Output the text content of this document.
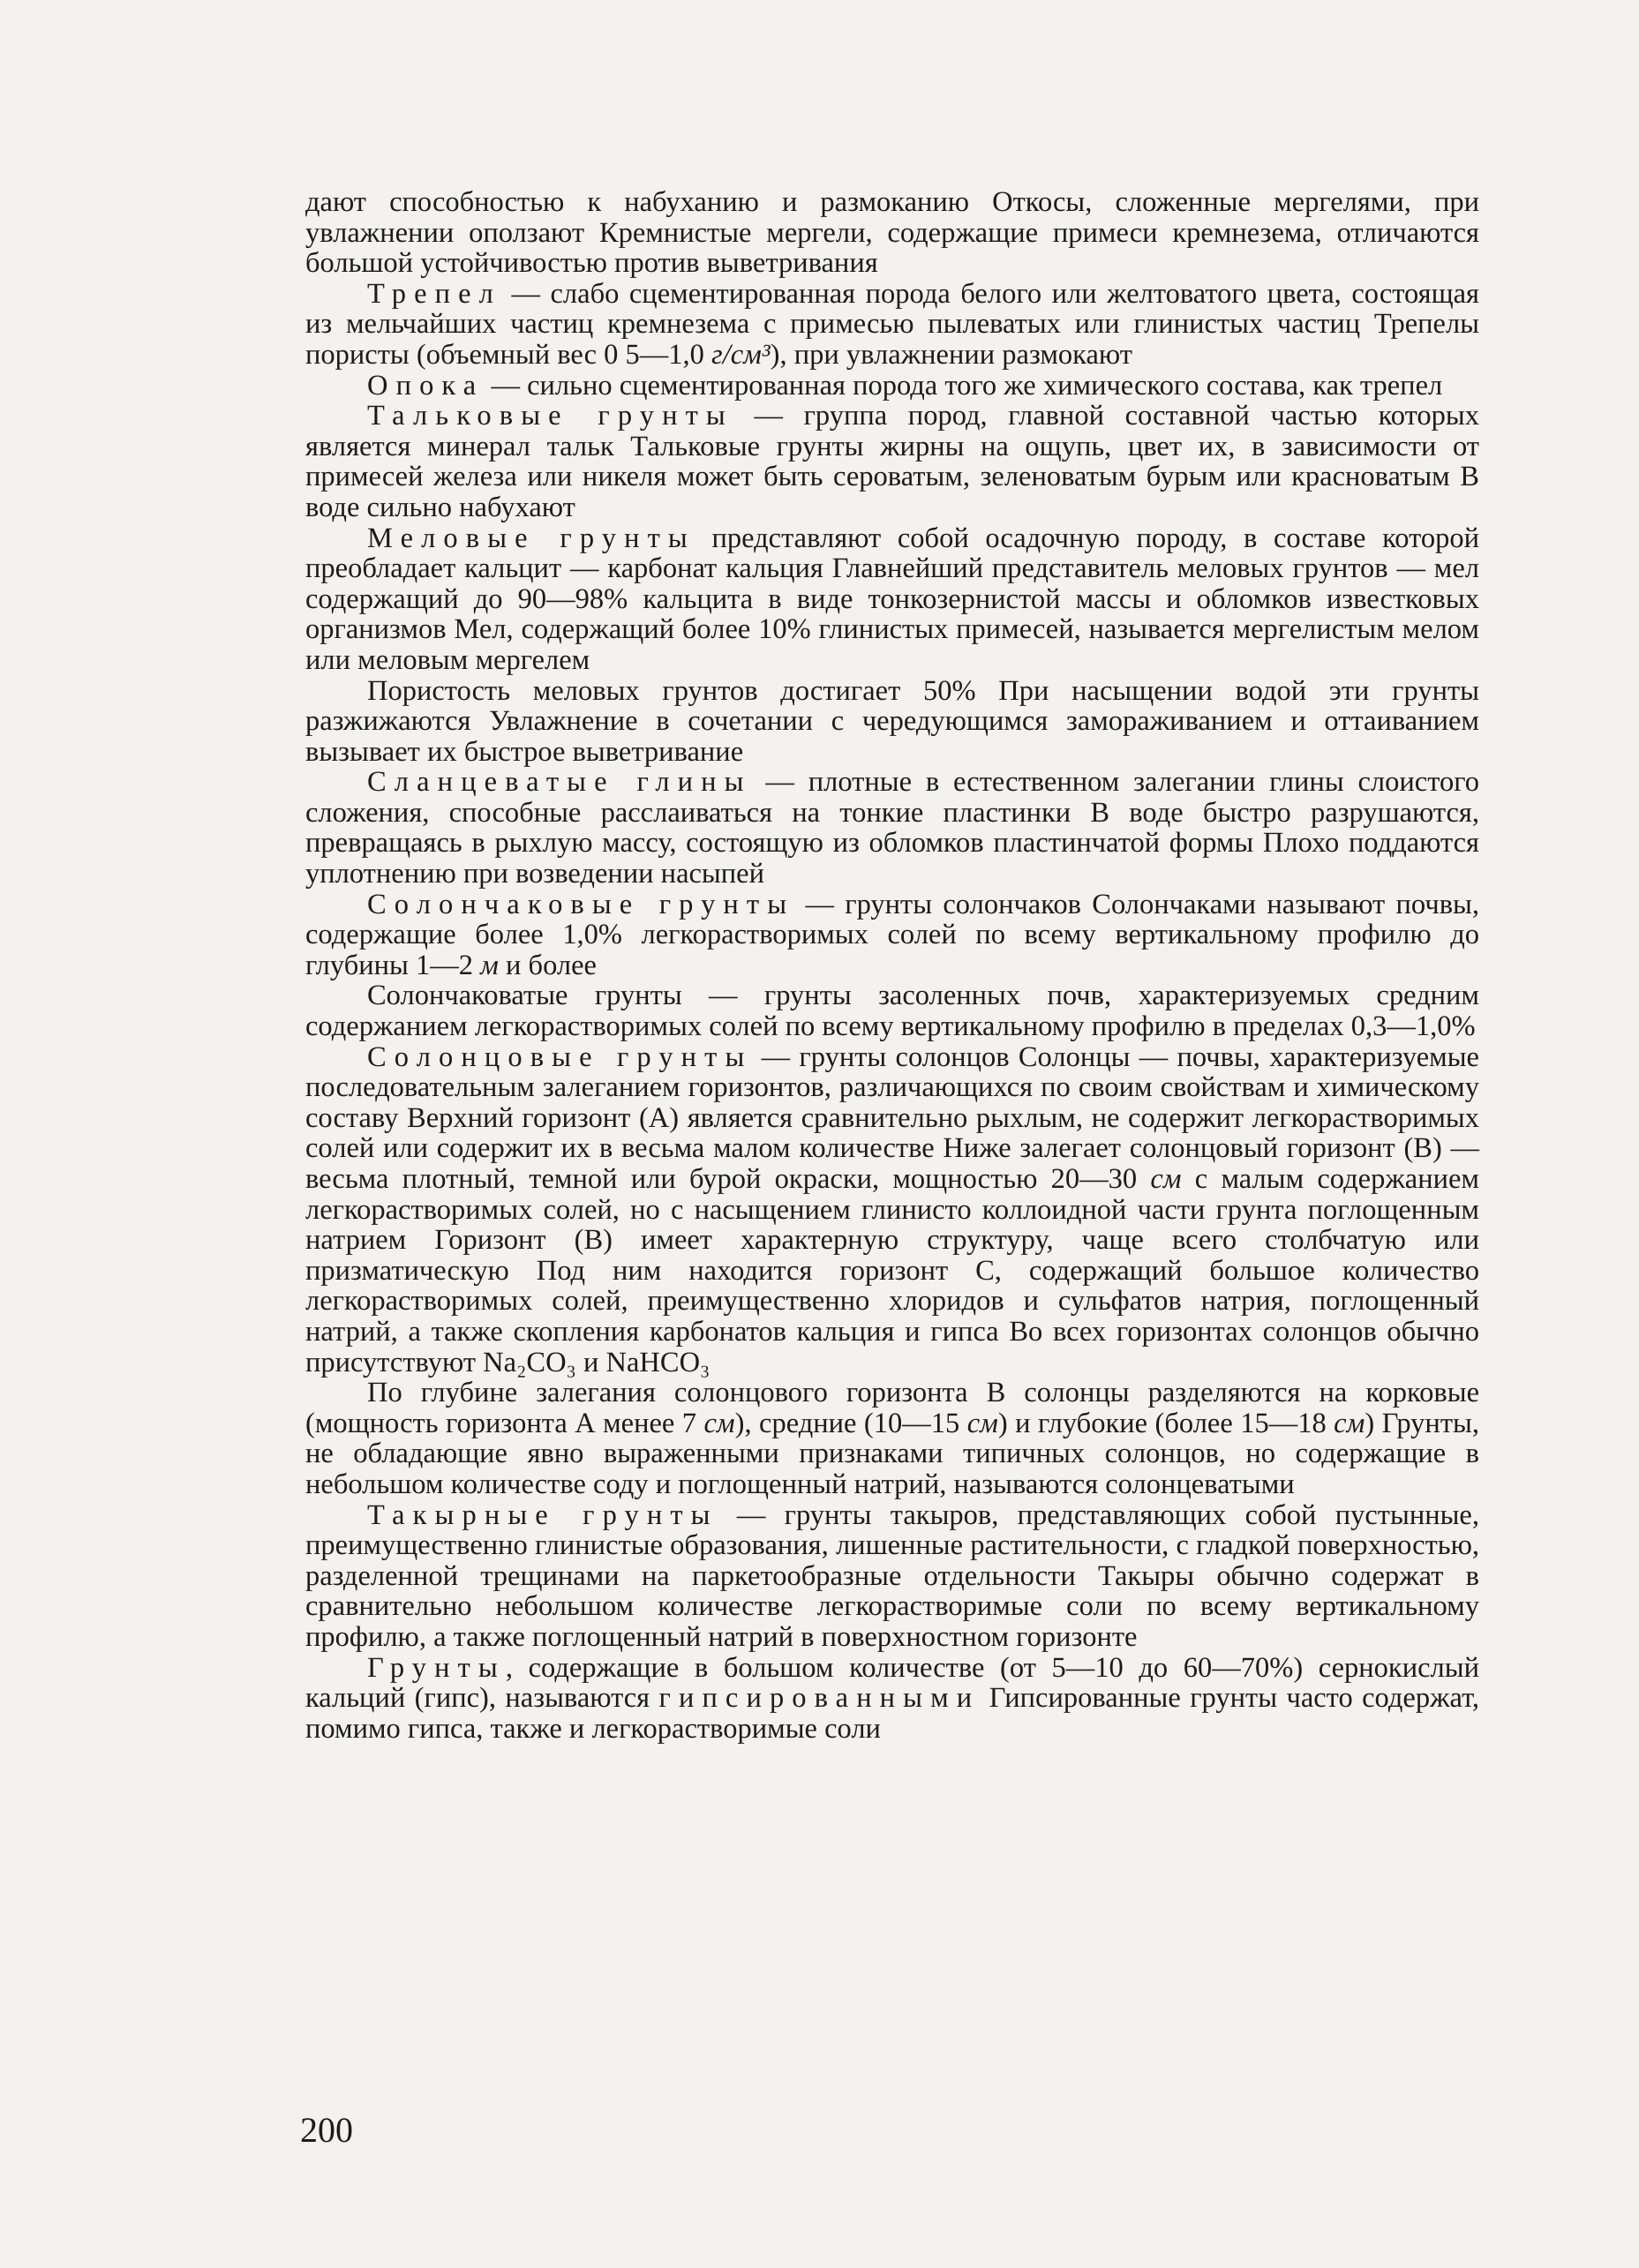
дают способностью к набуханию и размоканию Откосы, сложенные мергелями, при увлажнении оползают Кремнистые мергели, содержащие примеси кремнезема, отличаются большой устойчивостью против выветривания

Трепел — слабо сцементированная порода белого или желтоватого цвета, состоящая из мельчайших частиц кремнезема с примесью пылеватых или глинистых частиц Трепелы пористы (объемный вес 0 5—1,0 г/см³), при увлажнении размокают

Опока — сильно сцементированная порода того же химического состава, как трепел

Тальковые грунты — группа пород, главной составной частью которых является минерал тальк Тальковые грунты жирны на ощупь, цвет их, в зависимости от примесей железа или никеля может быть сероватым, зеленоватым бурым или красноватым В воде сильно набухают

Меловые грунты представляют собой осадочную породу, в составе которой преобладает кальцит — карбонат кальция Главнейший представитель меловых грунтов — мел содержащий до 90—98% кальцита в виде тонкозернистой массы и обломков известковых организмов Мел, содержащий более 10% глинистых примесей, называется мергелистым мелом или меловым мергелем

Пористость меловых грунтов достигает 50% При насыщении водой эти грунты разжижаются Увлажнение в сочетании с чередующимся замораживанием и оттаиванием вызывает их быстрое выветривание

Сланцеватые глины — плотные в естественном залегании глины слоистого сложения, способные расслаиваться на тонкие пластинки В воде быстро разрушаются, превращаясь в рыхлую массу, состоящую из обломков пластинчатой формы Плохо поддаются уплотнению при возведении насыпей

Солончаковые грунты — грунты солончаков Солончаками называют почвы, содержащие более 1,0% легкорастворимых солей по всему вертикальному профилю до глубины 1—2 м и более

Солончаковатые грунты — грунты засоленных почв, характеризуемых средним содержанием легкорастворимых солей по всему вертикальному профилю в пределах 0,3—1,0%

Солонцовые грунты — грунты солонцов Солонцы — почвы, характеризуемые последовательным залеганием горизонтов, различающихся по своим свойствам и химическому составу Верхний горизонт (А) является сравнительно рыхлым, не содержит легкорастворимых солей или содержит их в весьма малом количестве Ниже залегает солонцовый горизонт (В) — весьма плотный, темной или бурой окраски, мощностью 20—30 см с малым содержанием легкорастворимых солей, но с насыщением глинисто коллоидной части грунта поглощенным натрием Горизонт (В) имеет характерную структуру, чаще всего столбчатую или призматическую Под ним находится горизонт С, содержащий большое количество легкорастворимых солей, преимущественно хлоридов и сульфатов натрия, поглощенный натрий, а также скопления карбонатов кальция и гипса Во всех горизонтах солонцов обычно присутствуют Na₂CO₃ и NaHCO₃

По глубине залегания солонцового горизонта В солонцы разделяются на корковые (мощность горизонта А менее 7 см), средние (10—15 см) и глубокие (более 15—18 см) Грунты, не обладающие явно выраженными признаками типичных солонцов, но содержащие в небольшом количестве соду и поглощенный натрий, называются солонцеватыми

Такырные грунты — грунты такыров, представляющих собой пустынные, преимущественно глинистые образования, лишенные растительности, с гладкой поверхностью, разделенной трещинами на паркетообразные отдельности Такыры обычно содержат в сравнительно небольшом количестве легкорастворимые соли по всему вертикальному профилю, а также поглощенный натрий в поверхностном горизонте

Грунты, содержащие в большом количестве (от 5—10 до 60—70%) сернокислый кальций (гипс), называются гипсированными Гипсированные грунты часто содержат, помимо гипса, также и легкорастворимые соли

200
